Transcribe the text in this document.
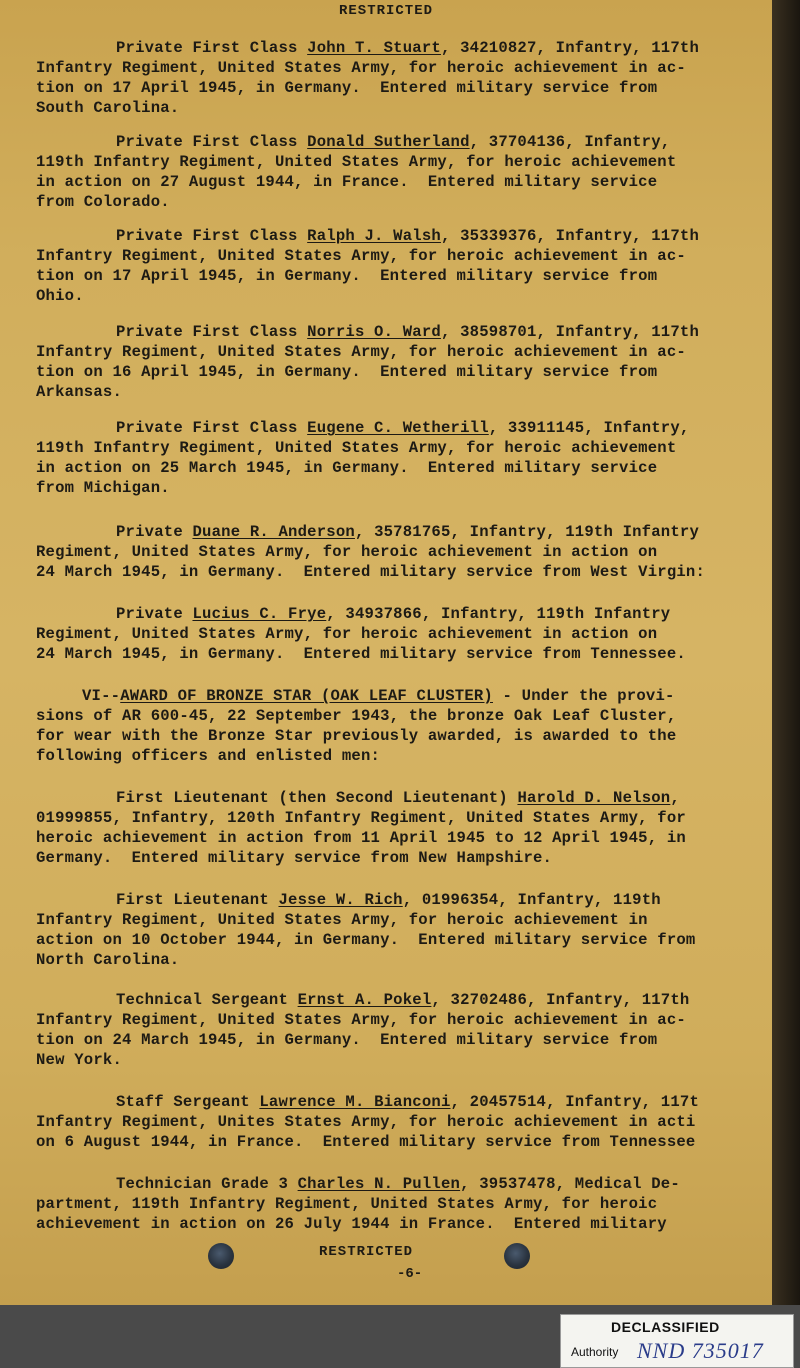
RESTRICTED
Private First Class John T. Stuart, 34210827, Infantry, 117th
Infantry Regiment, United States Army, for heroic achievement in ac-
tion on 17 April 1945, in Germany.  Entered military service from
South Carolina.
Private First Class Donald Sutherland, 37704136, Infantry,
119th Infantry Regiment, United States Army, for heroic achievement
in action on 27 August 1944, in France.  Entered military service
from Colorado.
Private First Class Ralph J. Walsh, 35339376, Infantry, 117th
Infantry Regiment, United States Army, for heroic achievement in ac-
tion on 17 April 1945, in Germany.  Entered military service from
Ohio.
Private First Class Norris O. Ward, 38598701, Infantry, 117th
Infantry Regiment, United States Army, for heroic achievement in ac-
tion on 16 April 1945, in Germany.  Entered military service from
Arkansas.
Private First Class Eugene C. Wetherill, 33911145, Infantry,
119th Infantry Regiment, United States Army, for heroic achievement
in action on 25 March 1945, in Germany.  Entered military service
from Michigan.
Private Duane R. Anderson, 35781765, Infantry, 119th Infantry
Regiment, United States Army, for heroic achievement in action on
24 March 1945, in Germany.  Entered military service from West Virgin:
Private Lucius C. Frye, 34937866, Infantry, 119th Infantry
Regiment, United States Army, for heroic achievement in action on
24 March 1945, in Germany.  Entered military service from Tennessee.
VI--AWARD OF BRONZE STAR (OAK LEAF CLUSTER) - Under the provi-
sions of AR 600-45, 22 September 1943, the bronze Oak Leaf Cluster,
for wear with the Bronze Star previously awarded, is awarded to the
following officers and enlisted men:
First Lieutenant (then Second Lieutenant) Harold D. Nelson,
01999855, Infantry, 120th Infantry Regiment, United States Army, for
heroic achievement in action from 11 April 1945 to 12 April 1945, in
Germany.  Entered military service from New Hampshire.
First Lieutenant Jesse W. Rich, 01996354, Infantry, 119th
Infantry Regiment, United States Army, for heroic achievement in
action on 10 October 1944, in Germany.  Entered military service from
North Carolina.
Technical Sergeant Ernst A. Pokel, 32702486, Infantry, 117th
Infantry Regiment, United States Army, for heroic achievement in ac-
tion on 24 March 1945, in Germany.  Entered military service from
New York.
Staff Sergeant Lawrence M. Bianconi, 20457514, Infantry, 117t
Infantry Regiment, Unites States Army, for heroic achievement in acti
on 6 August 1944, in France.  Entered military service from Tennessee
Technician Grade 3 Charles N. Pullen, 39537478, Medical De-
partment, 119th Infantry Regiment, United States Army, for heroic
achievement in action on 26 July 1944 in France.  Entered military
RESTRICTED
-6-
DECLASSIFIED
Authority NND 735017
